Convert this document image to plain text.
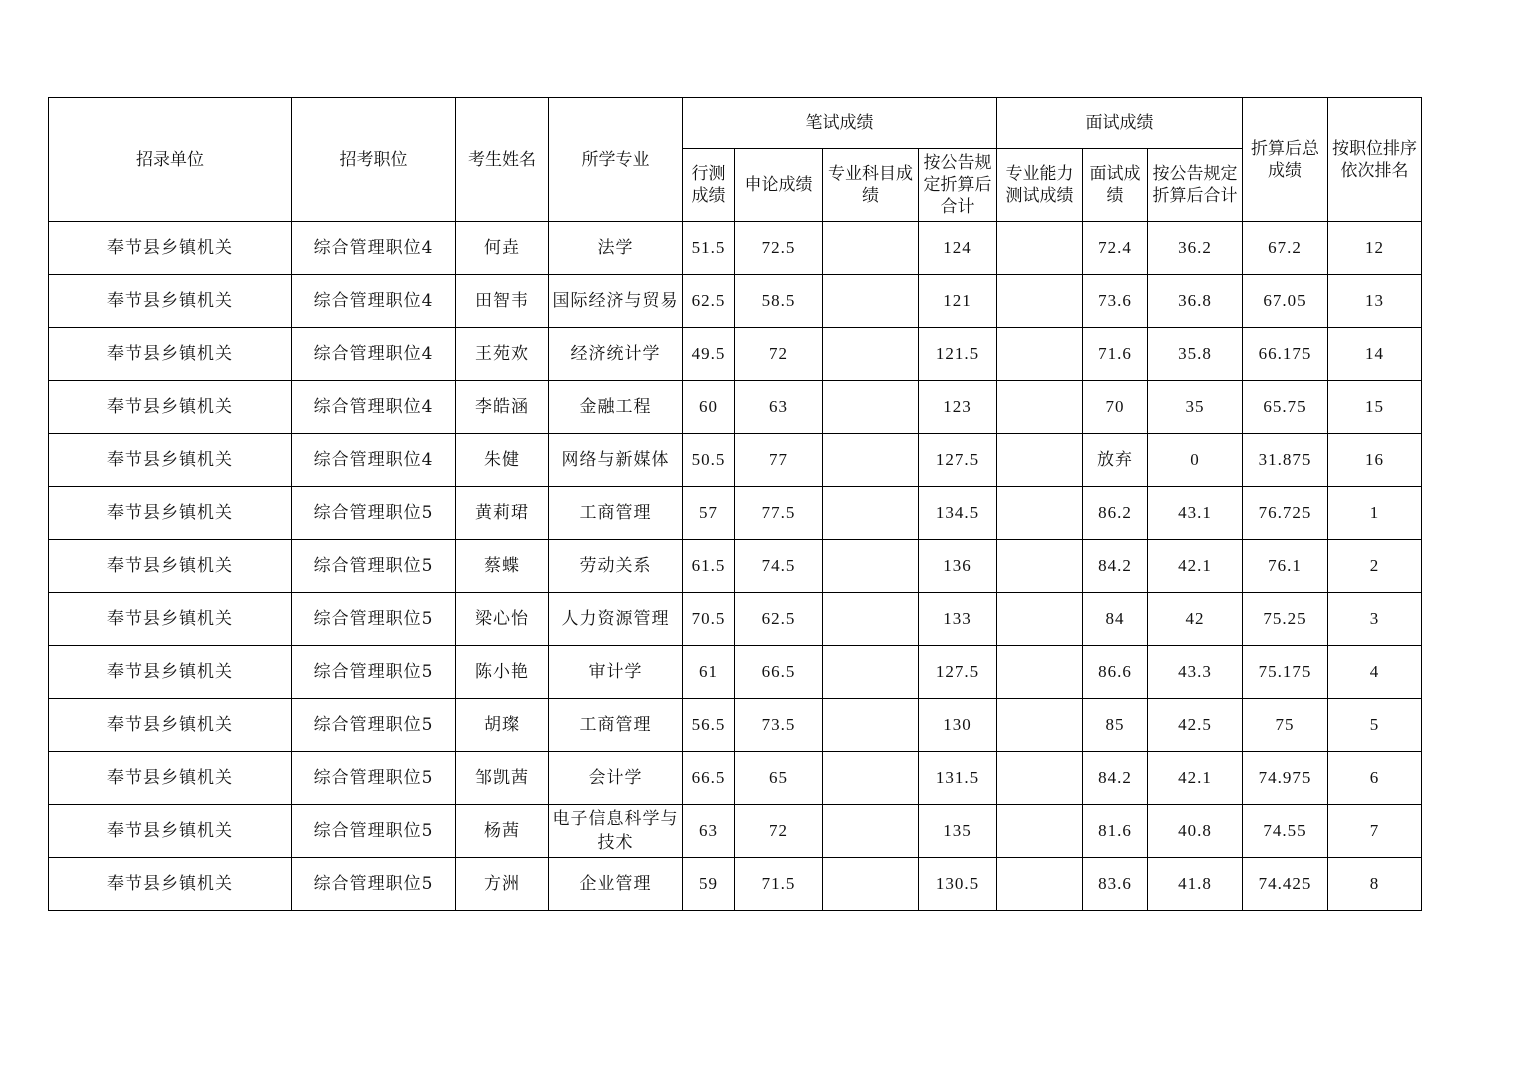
招录单位	招考职位	考生姓名	所学专业	笔试成绩				面试成绩			折算后总成绩	按职位排序依次排名
				行测成绩	申论成绩	专业科目成绩	按公告规定折算后合计	专业能力测试成绩	面试成绩	按公告规定折算后合计		
奉节县乡镇机关	综合管理职位4	何垚	法学	51.5	72.5		124		72.4	36.2	67.2	12
奉节县乡镇机关	综合管理职位4	田智韦	国际经济与贸易	62.5	58.5		121		73.6	36.8	67.05	13
奉节县乡镇机关	综合管理职位4	王苑欢	经济统计学	49.5	72		121.5		71.6	35.8	66.175	14
奉节县乡镇机关	综合管理职位4	李皓涵	金融工程	60	63		123		70	35	65.75	15
奉节县乡镇机关	综合管理职位4	朱健	网络与新媒体	50.5	77		127.5		放弃	0	31.875	16
奉节县乡镇机关	综合管理职位5	黄莉珺	工商管理	57	77.5		134.5		86.2	43.1	76.725	1
奉节县乡镇机关	综合管理职位5	蔡蝶	劳动关系	61.5	74.5		136		84.2	42.1	76.1	2
奉节县乡镇机关	综合管理职位5	梁心怡	人力资源管理	70.5	62.5		133		84	42	75.25	3
奉节县乡镇机关	综合管理职位5	陈小艳	审计学	61	66.5		127.5		86.6	43.3	75.175	4
奉节县乡镇机关	综合管理职位5	胡璨	工商管理	56.5	73.5		130		85	42.5	75	5
奉节县乡镇机关	综合管理职位5	邹凯茜	会计学	66.5	65		131.5		84.2	42.1	74.975	6
奉节县乡镇机关	综合管理职位5	杨茜	电子信息科学与技术	63	72		135		81.6	40.8	74.55	7
奉节县乡镇机关	综合管理职位5	方洲	企业管理	59	71.5		130.5		83.6	41.8	74.425	8
